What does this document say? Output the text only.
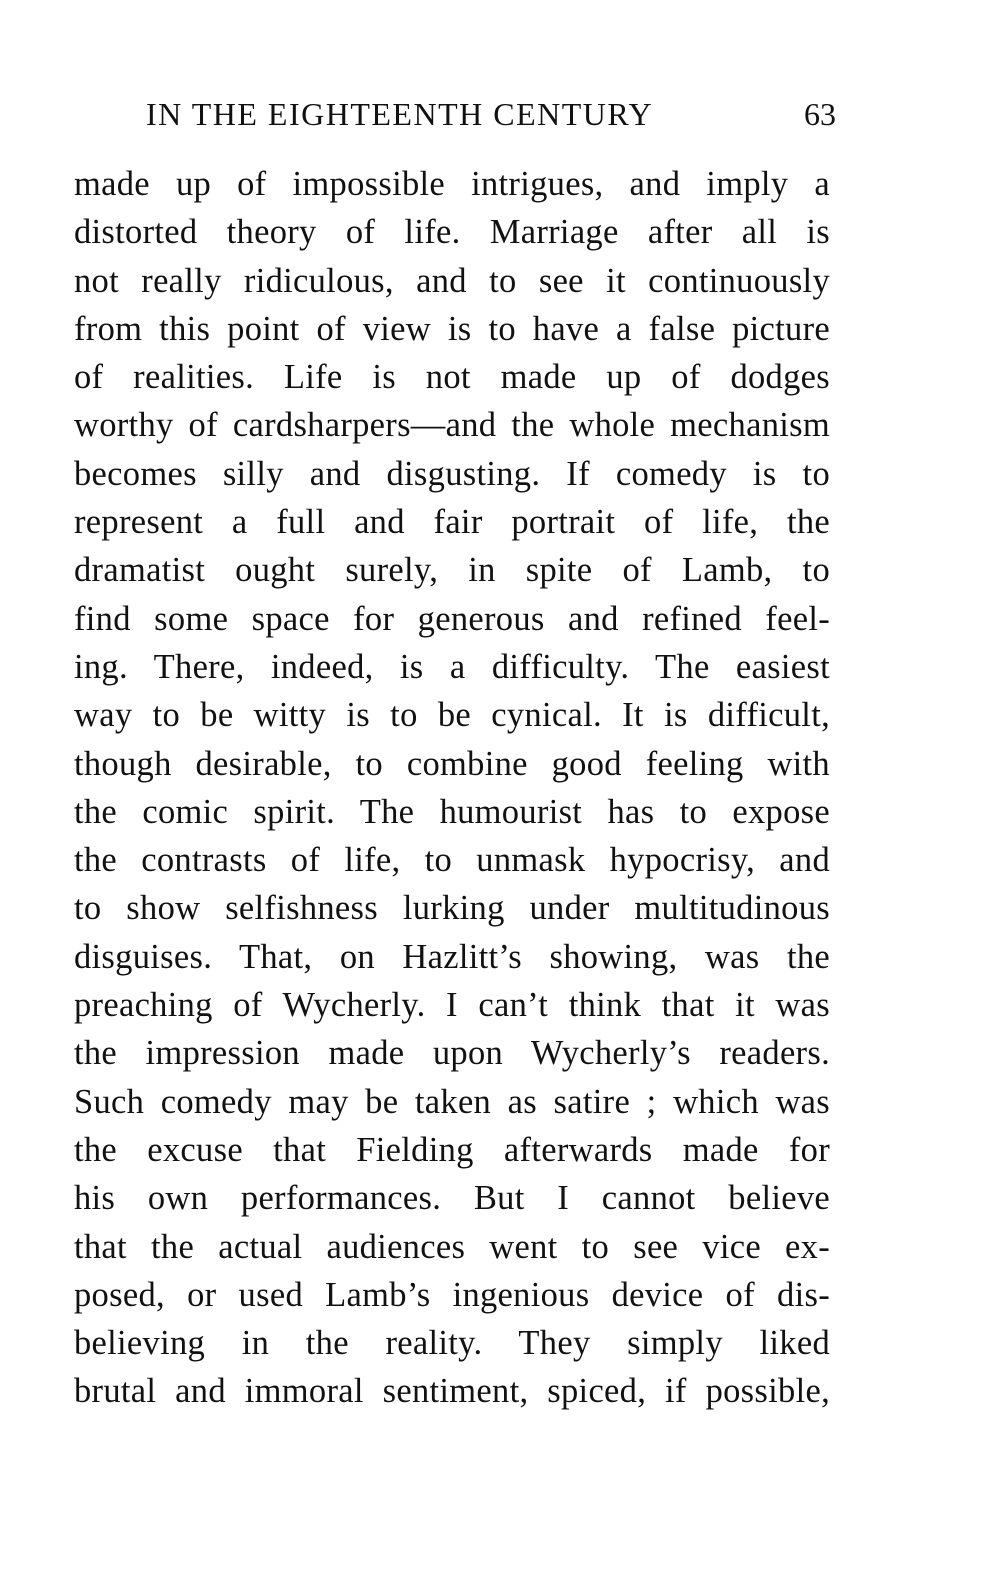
IN THE EIGHTEENTH CENTURY	63
made up of impossible intrigues, and imply a
distorted theory of life. Marriage after all is
not really ridiculous, and to see it continuously
from this point of view is to have a false picture
of realities. Life is not made up of dodges
worthy of cardsharpers—and the whole mechanism
becomes silly and disgusting. If comedy is to
represent a full and fair portrait of life, the
dramatist ought surely, in spite of Lamb, to
find some space for generous and refined feel-
ing. There, indeed, is a difficulty. The easiest
way to be witty is to be cynical. It is difficult,
though desirable, to combine good feeling with
the comic spirit. The humourist has to expose
the contrasts of life, to unmask hypocrisy, and
to show selfishness lurking under multitudinous
disguises. That, on Hazlitt’s showing, was the
preaching of Wycherly. I can’t think that it was
the impression made upon Wycherly’s readers.
Such comedy may be taken as satire ; which was
the excuse that Fielding afterwards made for
his own performances. But I cannot believe
that the actual audiences went to see vice ex-
posed, or used Lamb’s ingenious device of dis-
believing in the reality. They simply liked
brutal and immoral sentiment, spiced, if possible,
